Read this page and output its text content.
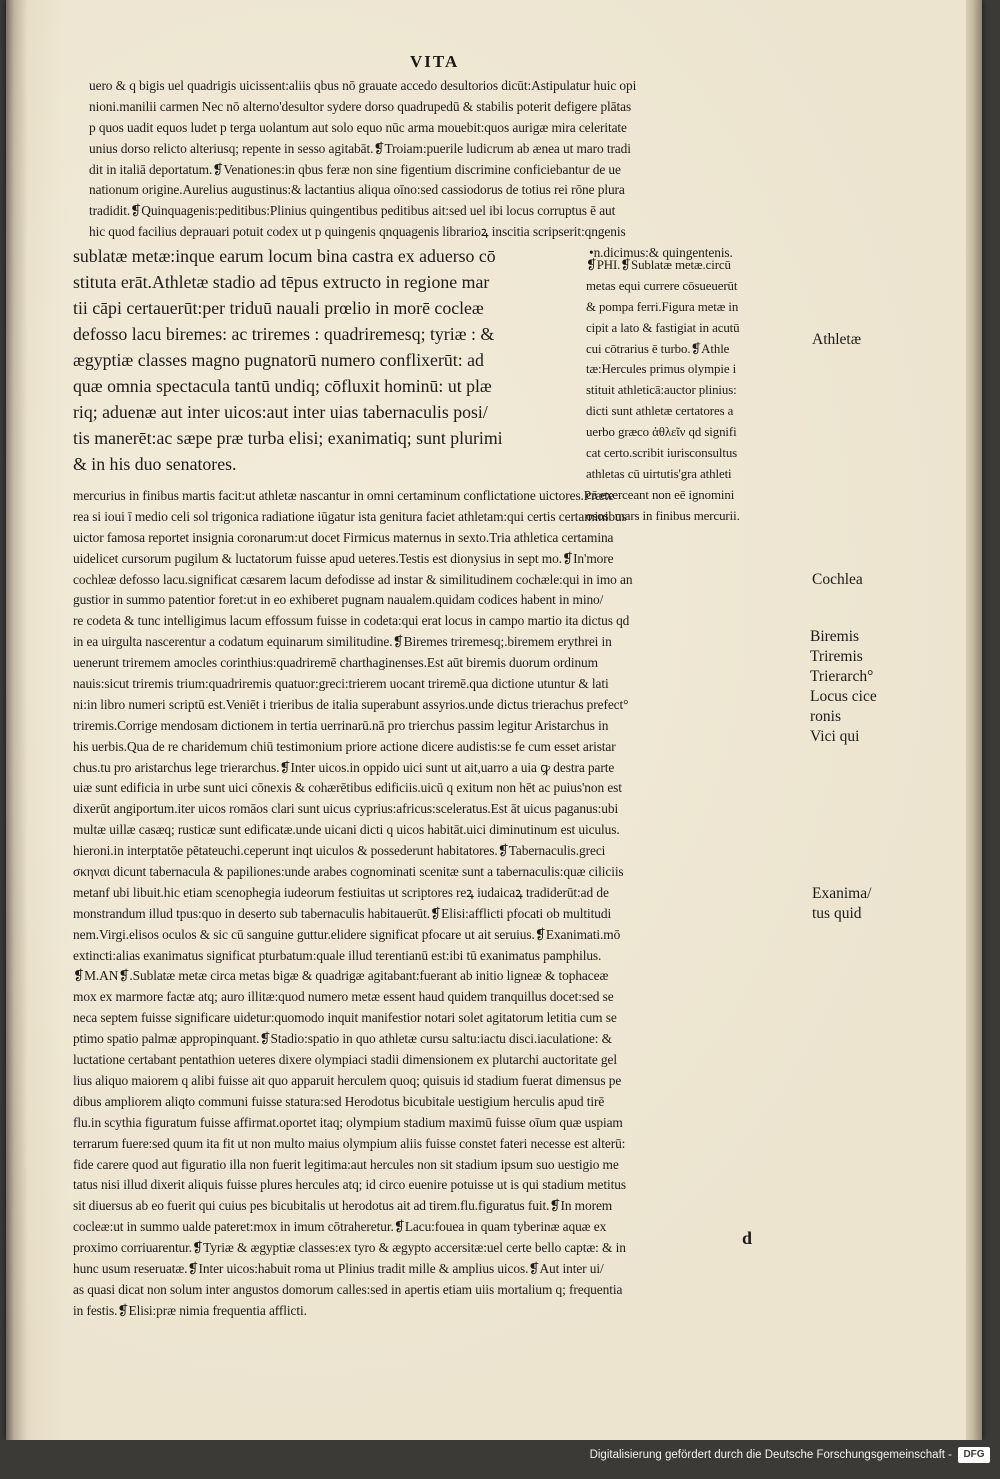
VITA
uero & q bigis uel quadrigis uicissent:aliis qbus nō grauate accedo desultorios dicūt:Astipulatur huic opi
nioni.manilii carmen Nec nō alterno'desultor sydere dorso quadrupedū & stabilis poterit defigere plātas
p quos uadit equos ludet p terga uolantum aut solo equo nūc arma mouebit:quos aurigæ mira celeritate
unius dorso relicto alteriusq; repente in sesso agitabāt.❡Troiam:puerile ludicrum ab ænea ut maro tradi
dit in italiā deportatum.❡Venationes:in qbus feræ non sine figentium discrimine conficiebantur de ue
nationum origine.Aurelius augustinus:& lactantius aliqua oīno:sed cassiodorus de totius rei rōne plura
tradidit.❡Quinquagenis:peditibus:Plinius quingentibus peditibus ait:sed uel ibi locus corruptus ē aut
hic quod facilius deprauari potuit codex ut p quingenis qnquagenis librarioꝝ inscitia scripserit:qngenis
•n.dicimus:& quingentenis.
sublatæ metæ:inque earum locum bina castra ex aduerso cō
stituta erāt.Athletæ stadio ad tēpus extructo in regione mar
tii cāpi certauerūt:per triduū nauali prœlio in morē cocleæ
defosso lacu biremes: ac triremes : quadriremesq; tyriæ : &
ægyptiæ classes magno pugnatorū numero conflixerūt: ad
quæ omnia spectacula tantū undiq; cōfluxit hominū: ut plæ
riq; aduenæ aut inter uicos:aut inter uias tabernaculis posi/
tis manerēt:ac sæpe præ turba elisi; exanimatiq; sunt plurimi
& in his duo senatores.
❡PHI.❡Sublatæ metæ.circū
metas equi currere cōsueuerūt
& pompa ferri.Figura metæ in
cipit a lato & fastigiat in acutū
cui cōtrarius ē turbo.❡Athle
tæ:Hercules primus olympie i
stituit athleticā:auctor plinius:
dicti sunt athletæ certatores a
uerbo græco ἀθλεῖν qd signifi
cat certo.scribit iurisconsultus
athletas cū uirtutis'gra athleti
cā exerceant non eē ignomini
osos. mars in finibus mercurii.
mercurius in finibus martis facit:ut athletæ nascantur in omni certaminum conflictatione uictores.Præte
rea si ioui ī medio celi sol trigonica radiatione iūgatur ista genitura faciet athletam:qui certis certaminibus
uictor famosa reportet insignia coronarum:ut docet Firmicus maternus in sexto.Tria athletica certamina
uidelicet cursorum pugilum & luctatorum fuisse apud ueteres.Testis est dionysius in sept mo.❡In'more
cochleæ defosso lacu.significat cæsarem lacum defodisse ad instar & similitudinem cochæle:qui in imo an
gustior in summo patentior foret:ut in eo exhiberet pugnam naualem.quidam codices habent in mino/
re codeta & tunc intelligimus lacum effossum fuisse in codeta:qui erat locus in campo martio ita dictus qd
in ea uirgulta nascerentur a codatum equinarum similitudine.❡Biremes triremesq;.biremem erythrei in
uenerunt triremem amocles corinthius:quadriremē charthaginenses.Est aūt biremis duorum ordinum
nauis:sicut triremis trium:quadriremis quatuor:greci:trierem uocant triremē.qua dictione utuntur & lati
ni:in libro numeri scriptū est.Veniēt i trieribus de italia superabunt assyrios.unde dictus trierachus prefect°
triremis.Corrige mendosam dictionem in tertia uerrinarū.nā pro trierchus passim legitur Aristarchus in
his uerbis.Qua de re charidemum chiū testimonium priore actione dicere audistis:se fe cum esset aristar
chus.tu pro aristarchus lege trierarchus.❡Inter uicos.in oppido uici sunt ut ait,uarro a uia ꝙ destra parte
uiæ sunt edificia in urbe sunt uici cōnexis & cohærētibus edificiis.uicū q exitum non hēt ac puius'non est
dixerūt angiportum.iter uicos romāos clari sunt uicus cyprius:africus:sceleratus.Est āt uicus paganus:ubi
multæ uillæ casæq; rusticæ sunt edificatæ.unde uicani dicti q uicos habitāt.uici diminutinum est uiculus.
hieroni.in interptatōe pētateuchi.ceperunt inqt uiculos & possederunt habitatores.❡Tabernaculis.greci
σκηναι dicunt tabernacula & papiliones:unde arabes cognominati scenitæ sunt a tabernaculis:quæ ciliciis
metanf ubi libuit.hic etiam scenophegia iudeorum festiuitas ut scriptores reꝝ iudaicaꝝ tradiderūt:ad de
monstrandum illud tpus:quo in deserto sub tabernaculis habitauerūt.❡Elisi:afflicti pfocati ob multitudi
nem.Virgi.elisos oculos & sic cū sanguine guttur.elidere significat pfocare ut ait seruius.❡Exanimati.mō
extincti:alias exanimatus significat pturbatum:quale illud terentianū est:ibi tū exanimatus pamphilus.
❡M.AN❡.Sublatæ metæ circa metas bigæ & quadrigæ agitabant:fuerant ab initio ligneæ & tophaceæ
mox ex marmore factæ atq; auro illitæ:quod numero metæ essent haud quidem tranquillus docet:sed se
neca septem fuisse significare uidetur:quomodo inquit manifestior notari solet agitatorum letitia cum se
ptimo spatio palmæ appropinquant.❡Stadio:spatio in quo athletæ cursu saltu:iactu disci.iaculatione: &
luctatione certabant pentathion ueteres dixere olympiaci stadii dimensionem ex plutarchi auctoritate gel
lius aliquo maiorem q alibi fuisse ait quo apparuit herculem quoq; quisuis id stadium fuerat dimensus pe
dibus ampliorem aliqto communi fuisse statura:sed Herodotus bicubitale uestigium herculis apud tirē
flu.in scythia figuratum fuisse affirmat.oportet itaq; olympium stadium maximū fuisse oīum quæ uspiam
terrarum fuere:sed quum ita fit ut non multo maius olympium aliis fuisse constet fateri necesse est alterū:
fide carere quod aut figuratio illa non fuerit legitima:aut hercules non sit stadium ipsum suo uestigio me
tatus nisi illud dixerit aliquis fuisse plures hercules atq; id circo euenire potuisse ut is qui stadium metitus
sit diuersus ab eo fuerit qui cuius pes bicubitalis ut herodotus ait ad tirem.flu.figuratus fuit.❡In morem
cocleæ:ut in summo ualde pateret:mox in imum cōtraheretur.❡Lacu:fouea in quam tyberinæ aquæ ex
proximo corriuarentur.❡Tyriæ & ægyptiæ classes:ex tyro & ægypto accersitæ:uel certe bello captæ: & in
hunc usum reseruatæ.❡Inter uicos:habuit roma ut Plinius tradit mille & amplius uicos.❡Aut inter ui/
as quasi dicat non solum inter angustos domorum calles:sed in apertis etiam uiis mortalium q; frequentia
in festis.❡Elisi:præ nimia frequentia afflicti.
Athletæ
Cochlea
Biremis
Triremis
Trierarch°
Locus cice
ronis
Vici qui
Exanima/
tus quid
d
Digitalisierung gefördert durch die Deutsche Forschungsgemeinschaft -	DFG
